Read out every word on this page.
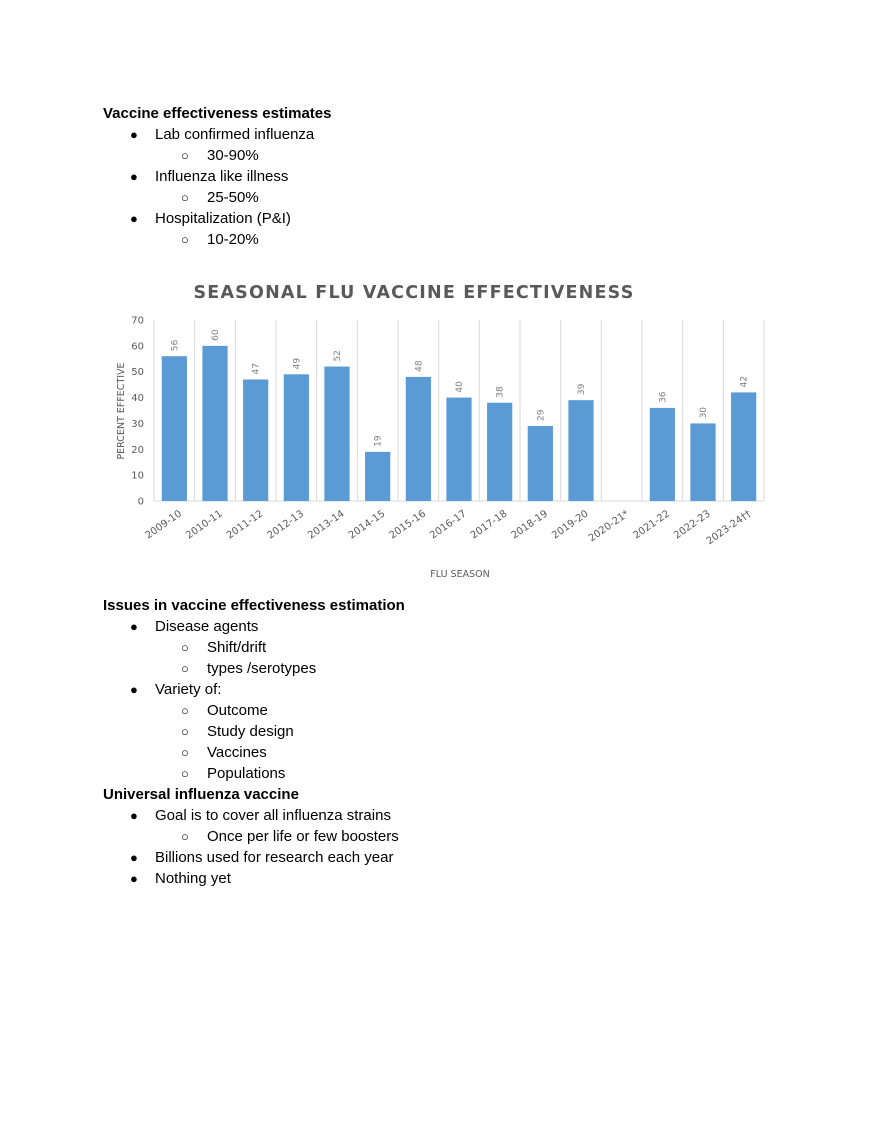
Vaccine effectiveness estimates
● Lab confirmed influenza
○ 30-90%
● Influenza like illness
○ 25-50%
● Hospitalization (P&I)
○ 10-20%
SEASONAL FLU VACCINE EFFECTIVENESS
0
10
20
30
40
50
60
70
2009-10 2010-11 2011-12 2012-13 2013-14 2014-15 2015-16 2016-17 2017-18 2018-19 2019-20
2020-21* 2021-22 2022-23
2023-24††
56
60
47	49
52
19
48
40	38
29
39
36
30
42
PERCENT EFFECTIVE
FLU SEASON
Issues in vaccine effectiveness estimation
● Disease agents
○ Shift/drift
○ types /serotypes
● Variety of:
○ Outcome
○ Study design
○ Vaccines
○ Populations
Universal influenza vaccine
● Goal is to cover all influenza strains
○ Once per life or few boosters
● Billions used for research each year
● Nothing yet
